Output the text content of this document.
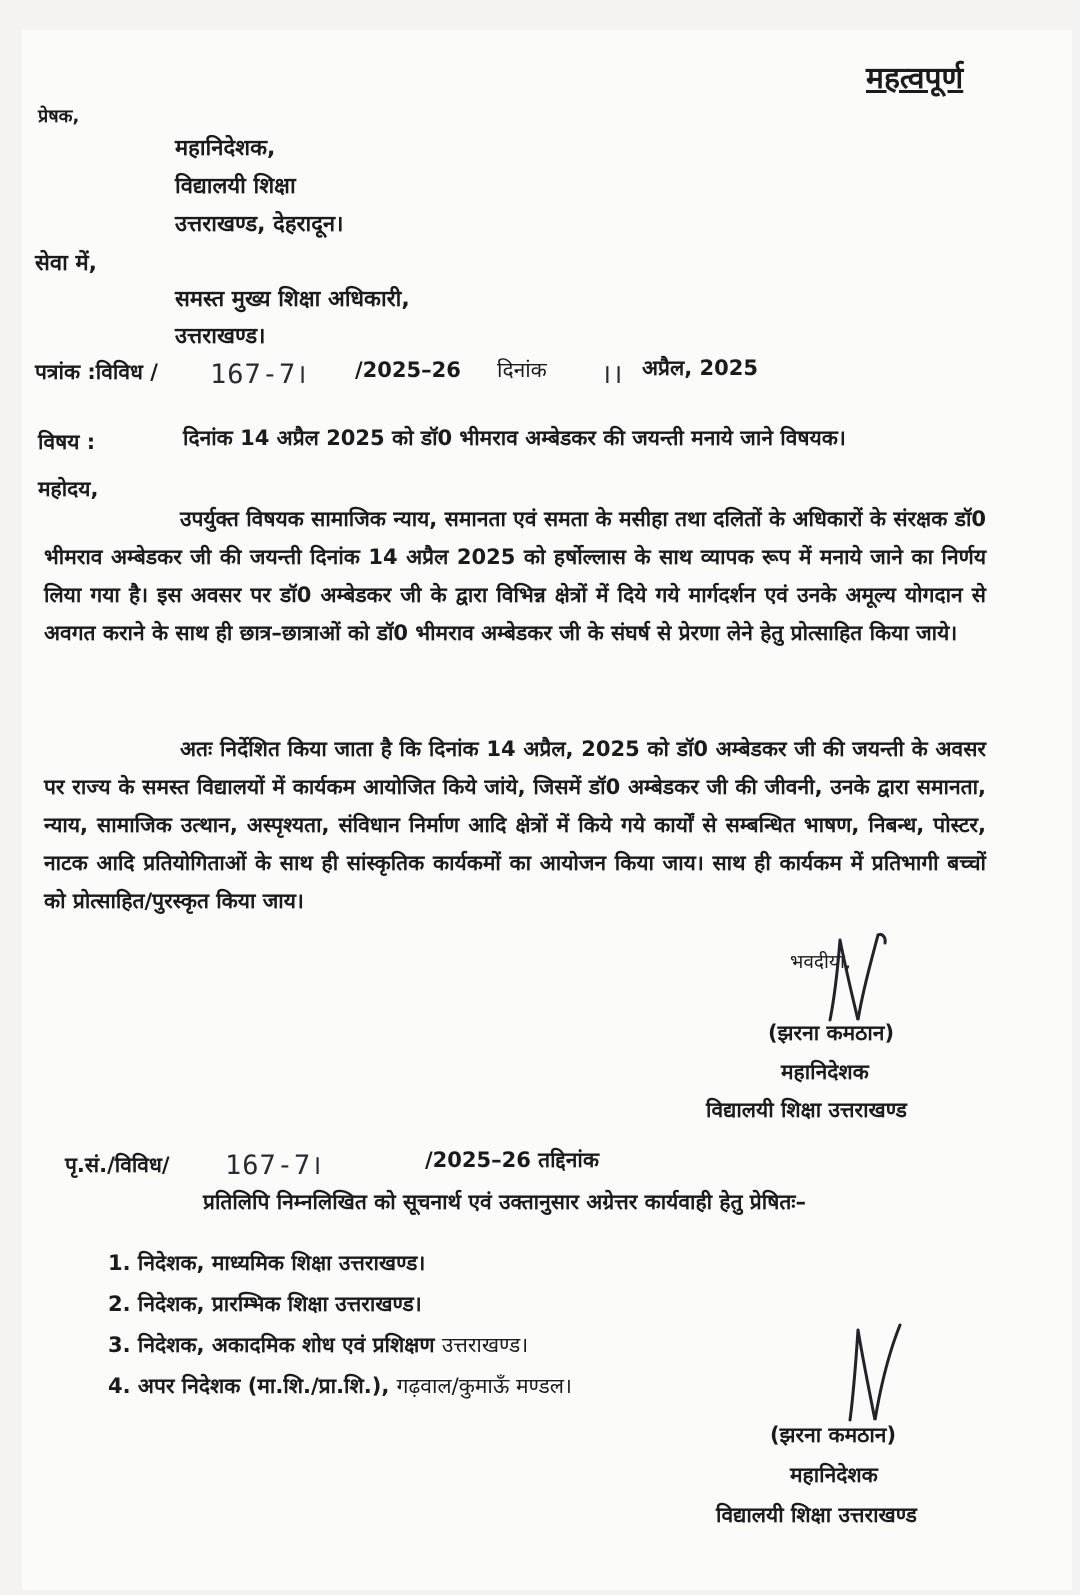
महत्वपूर्ण
प्रेषक,
महानिदेशक,
विद्यालयी शिक्षा
उत्तराखण्ड, देहरादून।
सेवा में,
समस्त मुख्य शिक्षा अधिकारी,
उत्तराखण्ड।
पत्रांक :विविध / 167-7। /2025–26 दिनांक ।। अप्रैल, 2025
विषय :	दिनांक 14 अप्रैल 2025 को डॉ0 भीमराव अम्बेडकर की जयन्ती मनाये जाने विषयक।
महोदय,
उपर्युक्त विषयक सामाजिक न्याय, समानता एवं समता के मसीहा तथा दलितों के अधिकारों के संरक्षक डॉ0 भीमराव अम्बेडकर जी की जयन्ती दिनांक 14 अप्रैल 2025 को हर्षोल्लास के साथ व्यापक रूप में मनाये जाने का निर्णय लिया गया है। इस अवसर पर डॉ0 अम्बेडकर जी के द्वारा विभिन्न क्षेत्रों में दिये गये मार्गदर्शन एवं उनके अमूल्य योगदान से अवगत कराने के साथ ही छात्र–छात्राओं को डॉ0 भीमराव अम्बेडकर जी के संघर्ष से प्रेरणा लेने हेतु प्रोत्साहित किया जाये।
अतः निर्देशित किया जाता है कि दिनांक 14 अप्रैल, 2025 को डॉ0 अम्बेडकर जी की जयन्ती के अवसर पर राज्य के समस्त विद्यालयों में कार्यकम आयोजित किये जांये, जिसमें डॉ0 अम्बेडकर जी की जीवनी, उनके द्वारा समानता, न्याय, सामाजिक उत्थान, अस्पृश्यता, संविधान निर्माण आदि क्षेत्रों में किये गये कार्यों से सम्बन्धित भाषण, निबन्ध, पोस्टर, नाटक आदि प्रतियोगिताओं के साथ ही सांस्कृतिक कार्यकमों का आयोजन किया जाय। साथ ही कार्यकम में प्रतिभागी बच्चों को प्रोत्साहित/पुरस्कृत किया जाय।
भवदीया,
(झरना कमठान)
महानिदेशक
विद्यालयी शिक्षा उत्तराखण्ड
पृ.सं./विविध/ 167-7।	/2025–26 तद्दिनांक
प्रतिलिपि निम्नलिखित को सूचनार्थ एवं उक्तानुसार अग्रेत्तर कार्यवाही हेतु प्रेषितः–
1. निदेशक, माध्यमिक शिक्षा उत्तराखण्ड।
2. निदेशक, प्रारम्भिक शिक्षा उत्तराखण्ड।
3. निदेशक, अकादमिक शोध एवं प्रशिक्षण उत्तराखण्ड।
4. अपर निदेशक (मा.शि./प्रा.शि.), गढ़वाल/कुमाऊँ मण्डल।
(झरना कमठान)
महानिदेशक
विद्यालयी शिक्षा उत्तराखण्ड
